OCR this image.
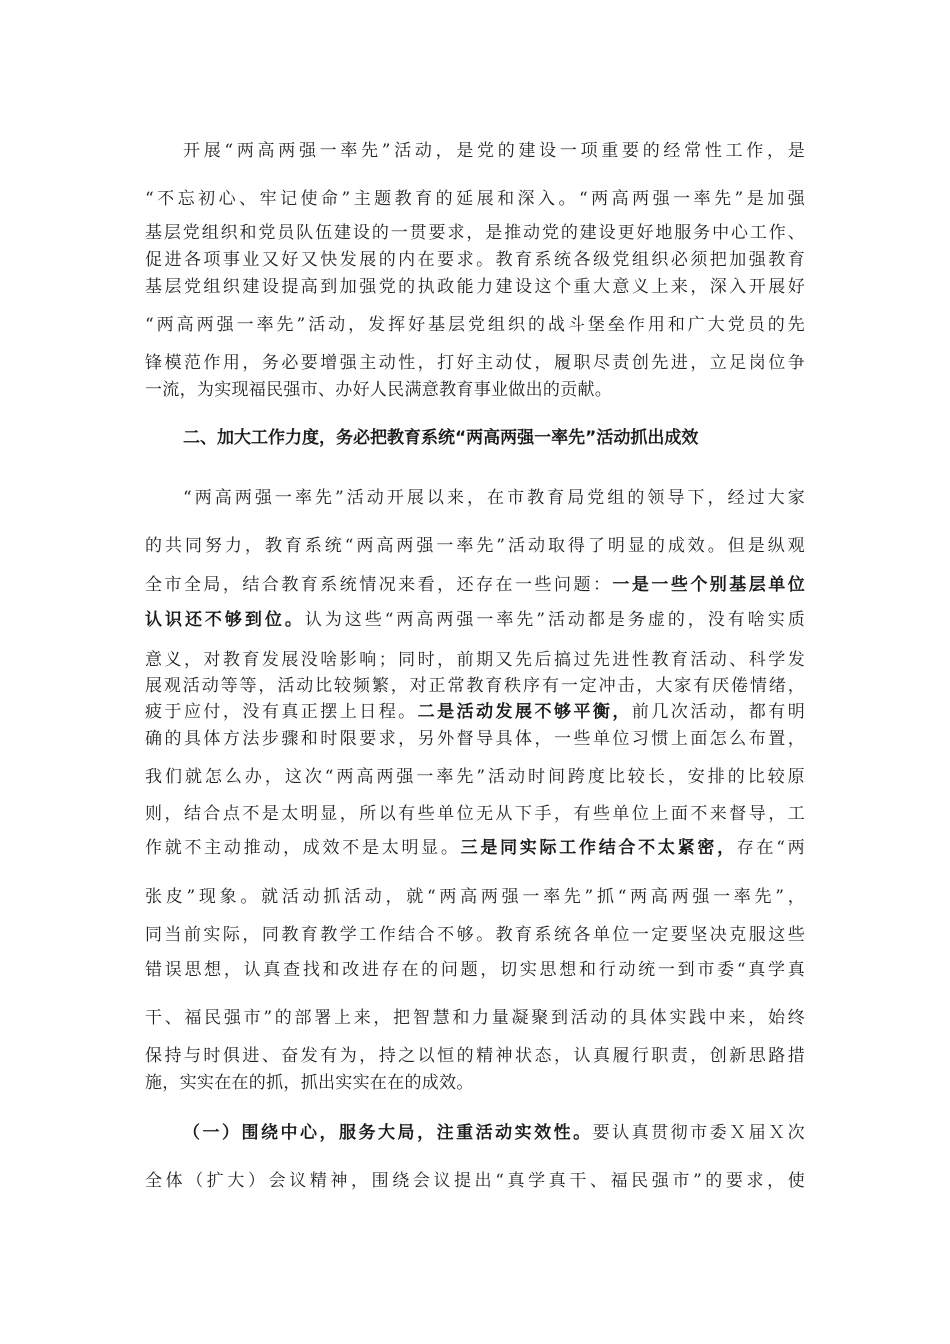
开展“两高两强一率先”活动，是党的建设一项重要的经常性工作，是
“不忘初心、牢记使命”主题教育的延展和深入。“两高两强一率先”是加强
基层党组织和党员队伍建设的一贯要求，是推动党的建设更好地服务中心工作、
促进各项事业又好又快发展的内在要求。教育系统各级党组织必须把加强教育
基层党组织建设提高到加强党的执政能力建设这个重大意义上来，深入开展好
“两高两强一率先”活动，发挥好基层党组织的战斗堡垒作用和广大党员的先
锋模范作用，务必要增强主动性，打好主动仗，履职尽责创先进，立足岗位争
一流，为实现福民强市、办好人民满意教育事业做出的贡献。
二、加大工作力度，务必把教育系统“两高两强一率先”活动抓出成效
“两高两强一率先”活动开展以来，在市教育局党组的领导下，经过大家
的共同努力，教育系统“两高两强一率先”活动取得了明显的成效。但是纵观
全市全局，结合教育系统情况来看，还存在一些问题：一是一些个别基层单位
认识还不够到位。认为这些“两高两强一率先”活动都是务虚的，没有啥实质
意义，对教育发展没啥影响；同时，前期又先后搞过先进性教育活动、科学发
展观活动等等，活动比较频繁，对正常教育秩序有一定冲击，大家有厌倦情绪，
疲于应付，没有真正摆上日程。二是活动发展不够平衡，前几次活动，都有明
确的具体方法步骤和时限要求，另外督导具体，一些单位习惯上面怎么布置，
我们就怎么办，这次“两高两强一率先”活动时间跨度比较长，安排的比较原
则，结合点不是太明显，所以有些单位无从下手，有些单位上面不来督导，工
作就不主动推动，成效不是太明显。三是同实际工作结合不太紧密，存在“两
张皮”现象。就活动抓活动，就“两高两强一率先”抓“两高两强一率先”，
同当前实际，同教育教学工作结合不够。教育系统各单位一定要坚决克服这些
错误思想，认真查找和改进存在的问题，切实思想和行动统一到市委“真学真
干、福民强市”的部署上来，把智慧和力量凝聚到活动的具体实践中来，始终
保持与时俱进、奋发有为，持之以恒的精神状态，认真履行职责，创新思路措
施，实实在在的抓，抓出实实在在的成效。
（一）围绕中心，服务大局，注重活动实效性。要认真贯彻市委Ｘ届Ｘ次
全体（扩大）会议精神，围绕会议提出“真学真干、福民强市”的要求，使
